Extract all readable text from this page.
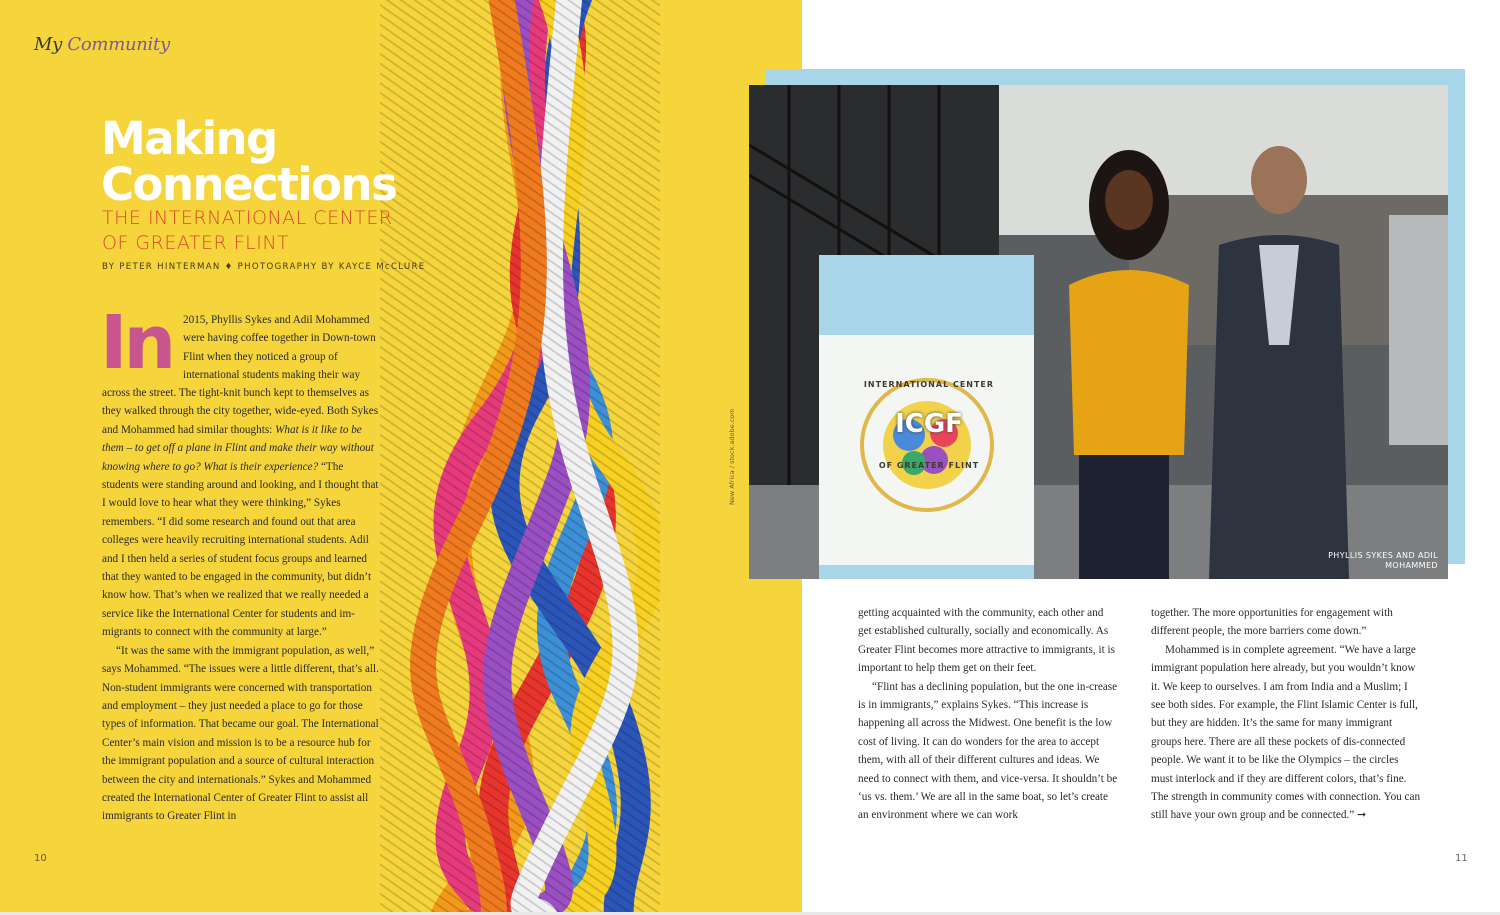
My Community
Making
Connections
THE INTERNATIONAL CENTER OF GREATER FLINT
BY PETER HINTERMAN ♦ PHOTOGRAPHY BY KAYCE McCLURE
In 2015, Phyllis Sykes and Adil Mohammed were having coffee together in Down-town Flint when they noticed a group of international students making their way

across the street. The tight-knit bunch kept to themselves as they walked through the city together, wide-eyed. Both Sykes and Mohammed had similar thoughts: What is it like to be them – to get off a plane in Flint and make their way without knowing where to go? What is their experience? “The students were standing around and looking, and I thought that I would love to hear what they were thinking,” Sykes remembers. “I did some research and found out that area colleges were heavily recruiting international students. Adil and I then held a series of student focus groups and learned that they wanted to be engaged in the community, but didn’t know how. That’s when we realized that we really needed a service like the International Center for students and im-migrants to connect with the community at large.”

“It was the same with the immigrant population, as well,” says Mohammed. “The issues were a little different, that’s all. Non-student immigrants were concerned with transportation and employment – they just needed a place to go for those types of information. That became our goal. The International Center’s main vision and mission is to be a resource hub for the immigrant population and a source of cultural interaction between the city and internationals.” Sykes and Mohammed created the International Center of Greater Flint to assist all immigrants to Greater Flint in

New Africa / stock.adobe.com
10
INTERNATIONAL CENTER
ICGF
OF GREATER FLINT
PHYLLIS SYKES AND ADIL MOHAMMED

getting acquainted with the community, each other and get established culturally, socially and economically. As Greater Flint becomes more attractive to immigrants, it is important to help them get on their feet.

“Flint has a declining population, but the one in-crease is in immigrants,” explains Sykes. “This increase is happening all across the Midwest. One benefit is the low cost of living. It can do wonders for the area to accept them, with all of their different cultures and ideas. We need to connect with them, and vice-versa. It shouldn’t be ‘us vs. them.’ We are all in the same boat, so let’s create an environment where we can work

together. The more opportunities for engagement with different people, the more barriers come down.”

Mohammed is in complete agreement. “We have a large immigrant population here already, but you wouldn’t know it. We keep to ourselves. I am from India and a Muslim; I see both sides. For example, the Flint Islamic Center is full, but they are hidden. It’s the same for many immigrant groups here. There are all these pockets of dis-connected people. We want it to be like the Olympics – the circles must interlock and if they are different colors, that’s fine. The strength in community comes with connection. You can still have your own group and be connected.” ➞

11
